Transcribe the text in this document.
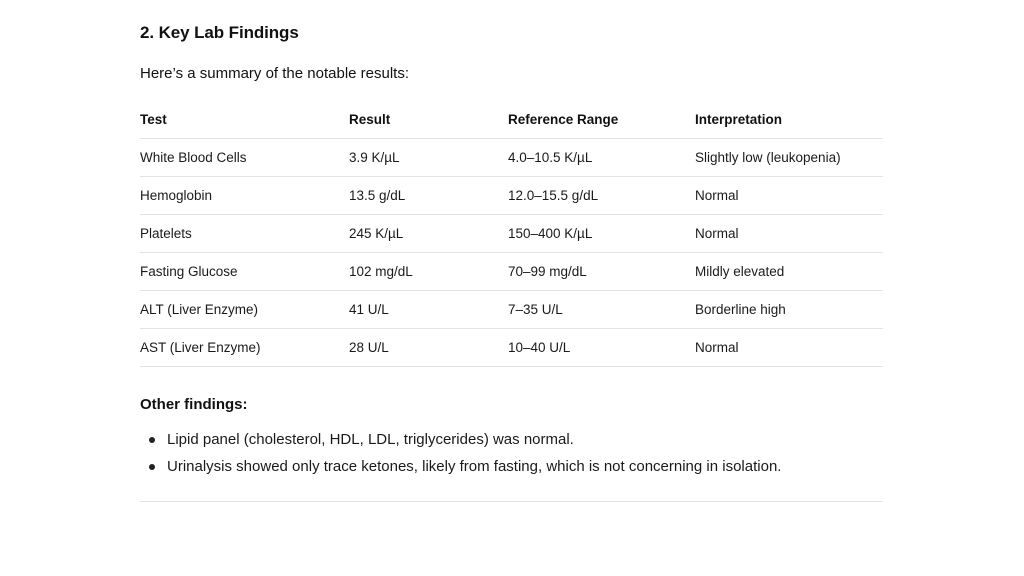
2. Key Lab Findings
Here’s a summary of the notable results:
Test	Result	Reference Range	Interpretation
White Blood Cells	3.9 K/µL	4.0–10.5 K/µL	Slightly low (leukopenia)
Hemoglobin	13.5 g/dL	12.0–15.5 g/dL	Normal
Platelets	245 K/µL	150–400 K/µL	Normal
Fasting Glucose	102 mg/dL	70–99 mg/dL	Mildly elevated
ALT (Liver Enzyme)	41 U/L	7–35 U/L	Borderline high
AST (Liver Enzyme)	28 U/L	10–40 U/L	Normal
Other findings:
Lipid panel (cholesterol, HDL, LDL, triglycerides) was normal.
Urinalysis showed only trace ketones, likely from fasting, which is not concerning in isolation.
